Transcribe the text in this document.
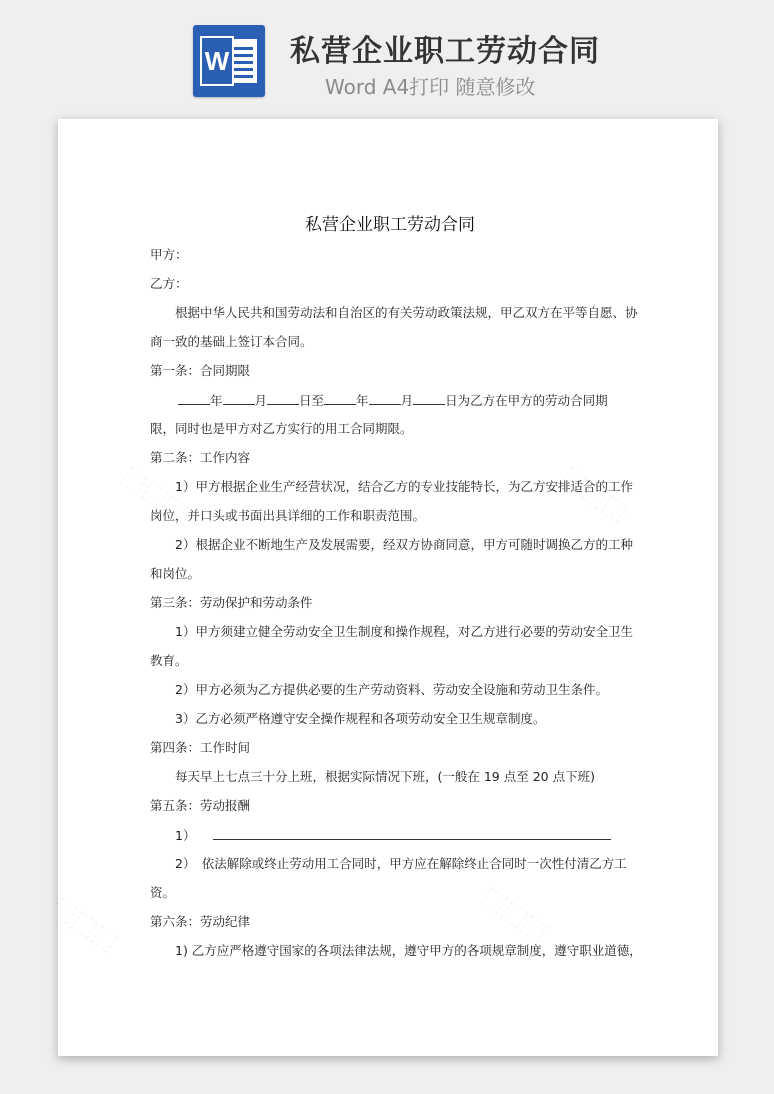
W 私营企业职工劳动合同
Word A4打印 随意修改
私营企业职工劳动合同
甲方：
乙方：
根据中华人民共和国劳动法和自治区的有关劳动政策法规，甲乙双方在平等自愿、协
商一致的基础上签订本合同。
第一条：合同期限
年	月	日至	年	月	日为乙方在甲方的劳动合同期
限，同时也是甲方对乙方实行的用工合同期限。
第二条：工作内容
1）甲方根据企业生产经营状况，结合乙方的专业技能特长，为乙方安排适合的工作
岗位，并口头或书面出具详细的工作和职责范围。
2）根据企业不断地生产及发展需要，经双方协商同意，甲方可随时调换乙方的工种
和岗位。
第三条：劳动保护和劳动条件
1）甲方须建立健全劳动安全卫生制度和操作规程，对乙方进行必要的劳动安全卫生
教育。
2）甲方必须为乙方提供必要的生产劳动资料、劳动安全设施和劳动卫生条件。
3）乙方必须严格遵守安全操作规程和各项劳动安全卫生规章制度。
第四条：工作时间
每天早上七点三十分上班，根据实际情况下班，(一般在 19 点至 20 点下班)
第五条：劳动报酬
1）
2）　依法解除或终止劳动用工合同时，甲方应在解除终止合同时一次性付清乙方工
资。
第六条：劳动纪律
1) 乙方应严格遵守国家的各项法律法规，遵守甲方的各项规章制度，遵守职业道德，
